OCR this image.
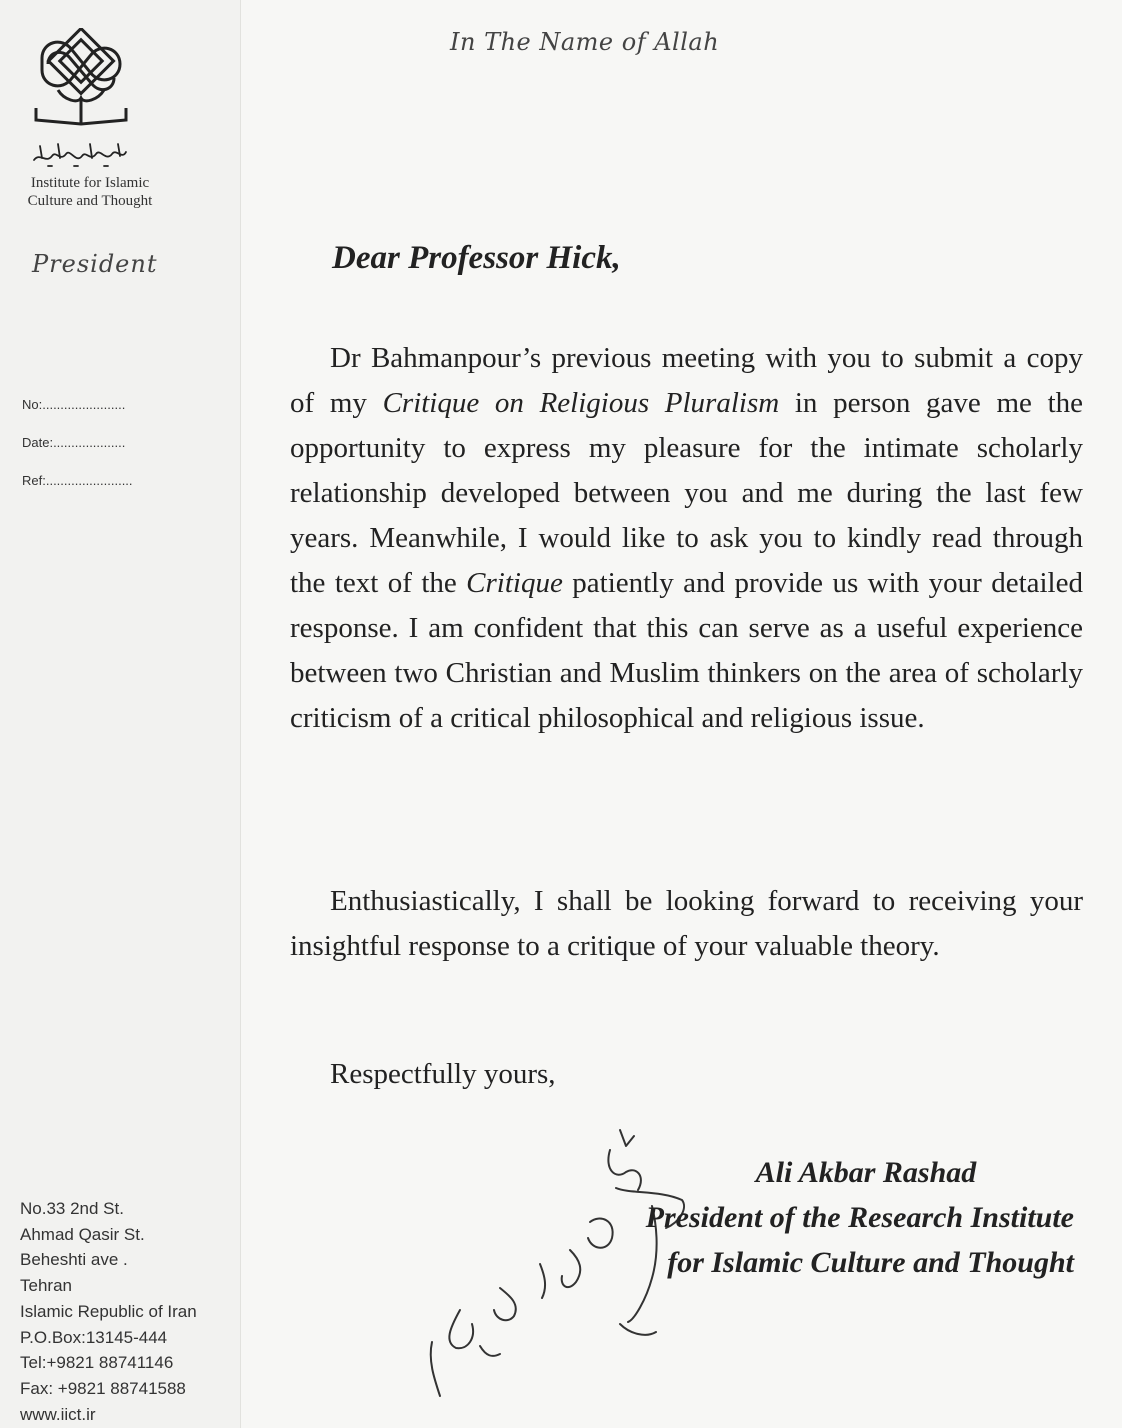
Institute for Islamic
Culture and Thought
President
No:.......................
Date:....................
Ref:........................
No.33 2nd St.
Ahmad Qasir St.
Beheshti ave .
Tehran
Islamic Republic of Iran
P.O.Box:13145-444
Tel:+9821 88741146
Fax: +9821 88741588
www.iict.ir
In The Name of Allah
Dear Professor Hick,
Dr Bahmanpour’s previous meeting with you to submit a copy of my Critique on Religious Pluralism in person gave me the opportunity to express my pleasure for the intimate scholarly relationship developed between you and me during the last few years. Meanwhile, I would like to ask you to kindly read through the text of the Critique patiently and provide us with your detailed response. I am confident that this can serve as a useful experience between two Christian and Muslim thinkers on the area of scholarly criticism of a critical philosophical and religious issue.
Enthusiastically, I shall be looking forward to receiving your insightful response to a critique of your valuable theory.
Respectfully yours,
Ali Akbar Rashad
President of the Research Institute
for Islamic Culture and Thought
